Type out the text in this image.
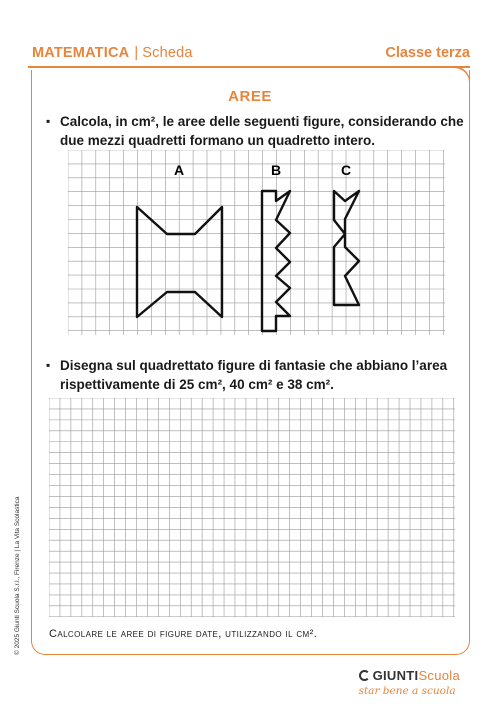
MATEMATICA | Scheda	Classe terza
AREE
▪ Calcola, in cm², le aree delle seguenti figure, considerando che due mezzi quadretti formano un quadretto intero.
A	B	C
▪ Disegna sul quadrettato figure di fantasie che abbiano l’area rispettivamente di 25 cm², 40 cm² e 38 cm².
Calcolare le aree di figure date, utilizzando il cm².
© 2025 Giunti Scuola S.r.l., Firenze | La Vita Scolastica
GIUNTIScuola
star bene a scuola
